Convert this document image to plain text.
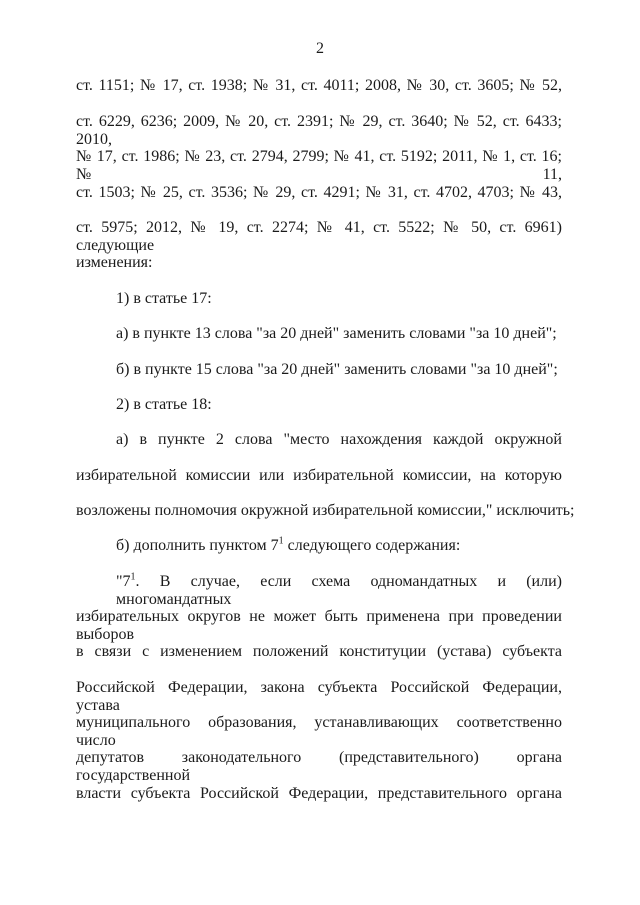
2
ст. 1151; № 17, ст. 1938; № 31, ст. 4011; 2008, № 30, ст. 3605; № 52,
ст. 6229, 6236; 2009, № 20, ст. 2391; № 29, ст. 3640; № 52, ст. 6433; 2010,
№ 17, ст. 1986; № 23, ст. 2794, 2799; № 41, ст. 5192; 2011, № 1, ст. 16; № 11,
ст. 1503; № 25, ст. 3536; № 29, ст. 4291; № 31, ст. 4702, 4703; № 43,
ст. 5975; 2012, № 19, ст. 2274; № 41, ст. 5522; № 50, ст. 6961) следующие
изменения:
1) в статье 17:
а) в пункте 13 слова "за 20 дней" заменить словами "за 10 дней";
б) в пункте 15 слова "за 20 дней" заменить словами "за 10 дней";
2) в статье 18:
а) в пункте 2 слова "место нахождения каждой окружной
избирательной комиссии или избирательной комиссии, на которую
возложены полномочия окружной избирательной комиссии," исключить;
б) дополнить пунктом $7^1$ следующего содержания:
"$7^1$. В случае, если схема одномандатных и (или) многомандатных
избирательных округов не может быть применена при проведении выборов
в связи с изменением положений конституции (устава) субъекта
Российской Федерации, закона субъекта Российской Федерации, устава
муниципального образования, устанавливающих соответственно число
депутатов законодательного (представительного) органа государственной
власти субъекта Российской Федерации, представительного органа
